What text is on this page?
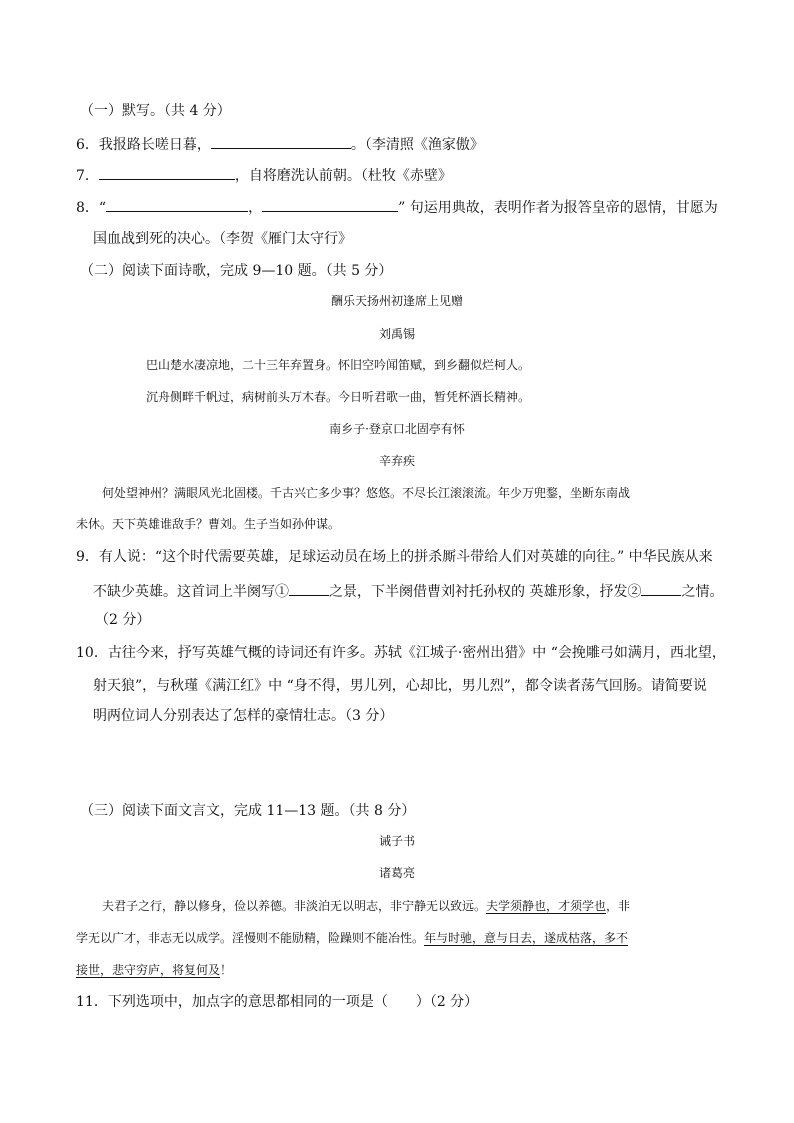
（一）默写。（共 4 分）
6．我报路长嗟日暮，	。（李清照《渔家傲》
7．	，自将磨洗认前朝。（杜牧《赤壁》
8．“	，	” 句运用典故，表明作者为报答皇帝的恩情，甘愿为
国血战到死的决心。（李贺《雁门太守行》
（二）阅读下面诗歌，完成 9—10 题。（共 5 分）
酬乐天扬州初逢席上见赠
刘禹锡
巴山楚水凄凉地，二十三年弃置身。怀旧空吟闻笛赋，到乡翻似烂柯人。
沉舟侧畔千帆过，病树前头万木春。今日听君歌一曲，暂凭杯酒长精神。
南乡子·登京口北固亭有怀
辛弃疾
何处望神州？满眼风光北固楼。千古兴亡多少事？悠悠。不尽长江滚滚流。年少万兜鍪，坐断东南战
未休。天下英雄谁敌手？曹刘。生子当如孙仲谋。
9．有人说：“这个时代需要英雄，足球运动员在场上的拼杀厮斗带给人们对英雄的向往。” 中华民族从来
不缺少英雄。这首词上半阕写①	之景，下半阕借曹刘衬托孙权的 英雄形象，抒发②	之情。
（2 分）
10．古往今来，抒写英雄气概的诗词还有许多。苏轼《江城子·密州出猎》中 “会挽雕弓如满月，西北望，
射天狼”，与秋瑾《满江红》中 “身不得，男儿列，心却比，男儿烈”，都令读者荡气回肠。请简要说
明两位词人分别表达了怎样的豪情壮志。（3 分）
（三）阅读下面文言文，完成 11—13 题。（共 8 分）
诫子书
诸葛亮
夫君子之行，静以修身，俭以养德。非淡泊无以明志，非宁静无以致远。夫学须静也，才须学也，非
学无以广才，非志无以成学。淫慢则不能励精，险躁则不能冶性。年与时驰，意与日去，遂成枯落，多不
接世，悲守穷庐，将复何及！
11．下列选项中，加点字的意思都相同的一项是（　　）（2 分）
